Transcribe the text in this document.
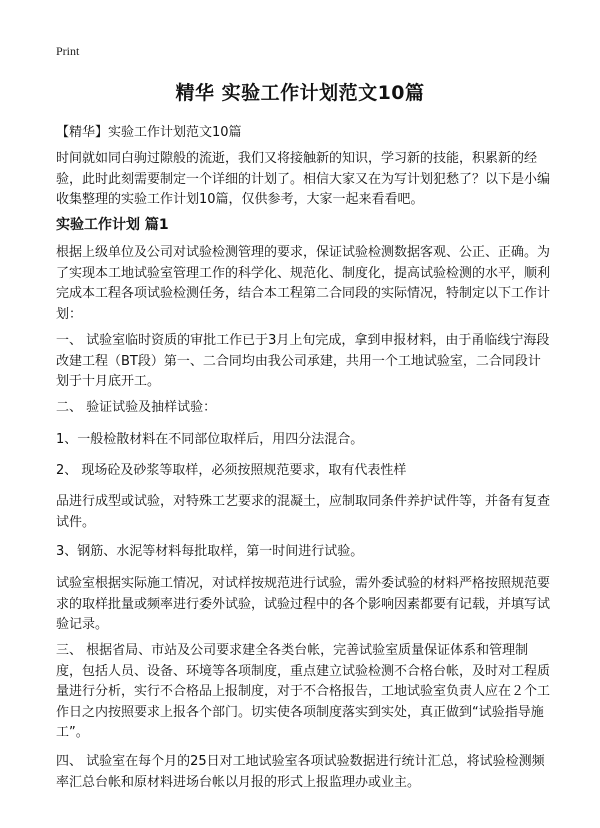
Print
精华 实验工作计划范文10篇
【精华】实验工作计划范文10篇

时间就如同白驹过隙般的流逝，我们又将接触新的知识，学习新的技能，积累新的经验，此时此刻需要制定一个详细的计划了。相信大家又在为写计划犯愁了？以下是小编收集整理的实验工作计划10篇，仅供参考，大家一起来看看吧。

实验工作计划 篇1

根据上级单位及公司对试验检测管理的要求，保证试验检测数据客观、公正、正确。为了实现本工地试验室管理工作的科学化、规范化、制度化，提高试验检测的水平，顺利完成本工程各项试验检测任务，结合本工程第二合同段的实际情况，特制定以下工作计划：

一、 试验室临时资质的审批工作已于3月上旬完成，拿到申报材料，由于甬临线宁海段改建工程（BT段）第一、二合同均由我公司承建，共用一个工地试验室，二合同段计划于十月底开工。

二、 验证试验及抽样试验：

1、一般检散材料在不同部位取样后，用四分法混合。

2、 现场砼及砂浆等取样，必须按照规范要求，取有代表性样

品进行成型或试验，对特殊工艺要求的混凝土，应制取同条件养护试件等，并备有复查试件。

3、钢筋、水泥等材料每批取样，第一时间进行试验。

试验室根据实际施工情况，对试样按规范进行试验，需外委试验的材料严格按照规范要求的取样批量或频率进行委外试验，试验过程中的各个影响因素都要有记载，并填写试验记录。

三、 根据省局、市站及公司要求建全各类台帐，完善试验室质量保证体系和管理制度，包括人员、设备、环境等各项制度，重点建立试验检测不合格台帐，及时对工程质量进行分析，实行不合格品上报制度，对于不合格报告，工地试验室负责人应在２个工作日之内按照要求上报各个部门。切实使各项制度落实到实处，真正做到“试验指导施工”。

四、 试验室在每个月的25日对工地试验室各项试验数据进行统计汇总，将试验检测频率汇总台帐和原材料进场台帐以月报的形式上报监理办或业主。
